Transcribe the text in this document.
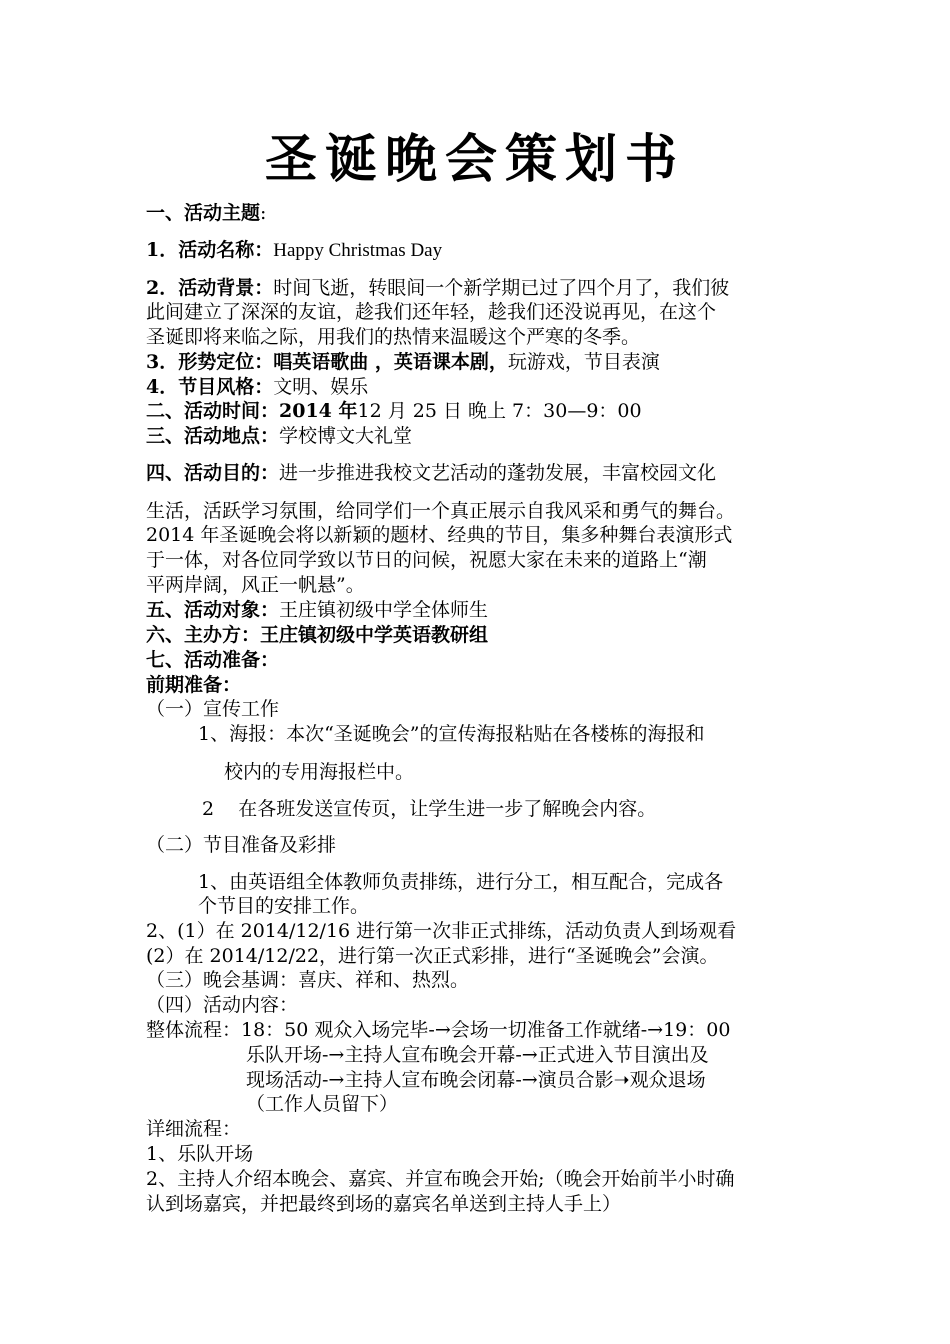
圣诞晚会策划书
一、活动主题:
1．活动名称：Happy Christmas Day
2．活动背景：时间飞逝，转眼间一个新学期已过了四个月了，我们彼
此间建立了深深的友谊，趁我们还年轻，趁我们还没说再见，在这个
圣诞即将来临之际，用我们的热情来温暖这个严寒的冬季。
3．形势定位：唱英语歌曲 ，英语课本剧，玩游戏，节目表演
4．节目风格：文明、娱乐
二、活动时间：2014 年12 月 25 日 晚上 7：30—9：00
三、活动地点：学校博文大礼堂
四、活动目的：进一步推进我校文艺活动的蓬勃发展，丰富校园文化
生活，活跃学习氛围，给同学们一个真正展示自我风采和勇气的舞台。
2014 年圣诞晚会将以新颖的题材、经典的节目，集多种舞台表演形式
于一体，对各位同学致以节日的问候，祝愿大家在未来的道路上“潮
平两岸阔，风正一帆悬”。
五、活动对象：王庄镇初级中学全体师生
六、主办方：王庄镇初级中学英语教研组
七、活动准备：
前期准备：
（一）宣传工作
1、海报：本次“圣诞晚会”的宣传海报粘贴在各楼栋的海报和
校内的专用海报栏中。
2    在各班发送宣传页，让学生进一步了解晚会内容。
（二）节目准备及彩排
1、由英语组全体教师负责排练，进行分工，相互配合，完成各
个节目的安排工作。
2、(1）在 2014/12/16 进行第一次非正式排练，活动负责人到场观看
(2）在 2014/12/22，进行第一次正式彩排，进行“圣诞晚会”会演。
（三）晚会基调：喜庆、祥和、热烈。
（四）活动内容：
整体流程：18：50 观众入场完毕-→会场一切准备工作就绪-→19：00
乐队开场-→主持人宣布晚会开幕-→正式进入节目演出及
现场活动-→主持人宣布晚会闭幕-→演员合影➝观众退场
（工作人员留下）
详细流程：
1、乐队开场
2、主持人介绍本晚会、嘉宾、并宣布晚会开始;（晚会开始前半小时确
认到场嘉宾，并把最终到场的嘉宾名单送到主持人手上）
